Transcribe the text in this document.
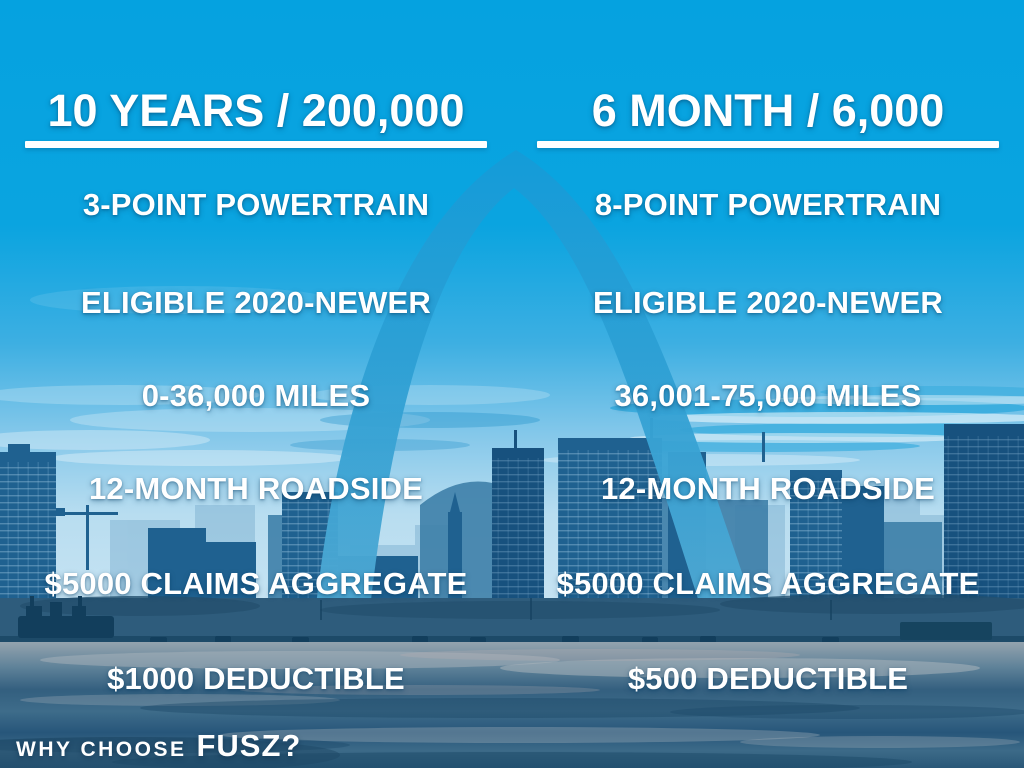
10 YEARS / 200,000
3-POINT POWERTRAIN
ELIGIBLE 2020-NEWER
0-36,000 MILES
12-MONTH ROADSIDE
$5000 CLAIMS AGGREGATE
$1000 DEDUCTIBLE
6 MONTH / 6,000
8-POINT POWERTRAIN
ELIGIBLE 2020-NEWER
36,001-75,000 MILES
12-MONTH ROADSIDE
$5000 CLAIMS AGGREGATE
$500 DEDUCTIBLE
WHY CHOOSE FUSZ?
